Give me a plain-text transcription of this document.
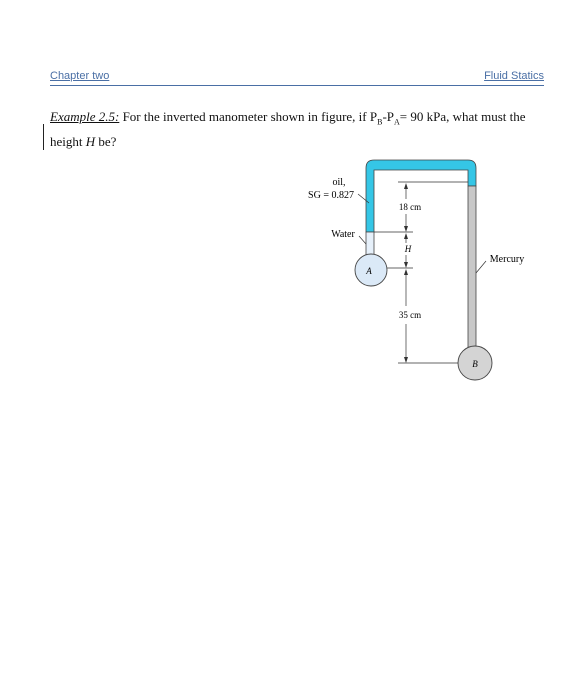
Chapter two	Fluid Statics
Example 2.5: For the inverted manometer shown in figure, if $P_B-P_A= 90$ kPa, what must the height H be?
A
B
oil,
SG = 0.827
Water
Mercury
18 cm
H
35 cm
